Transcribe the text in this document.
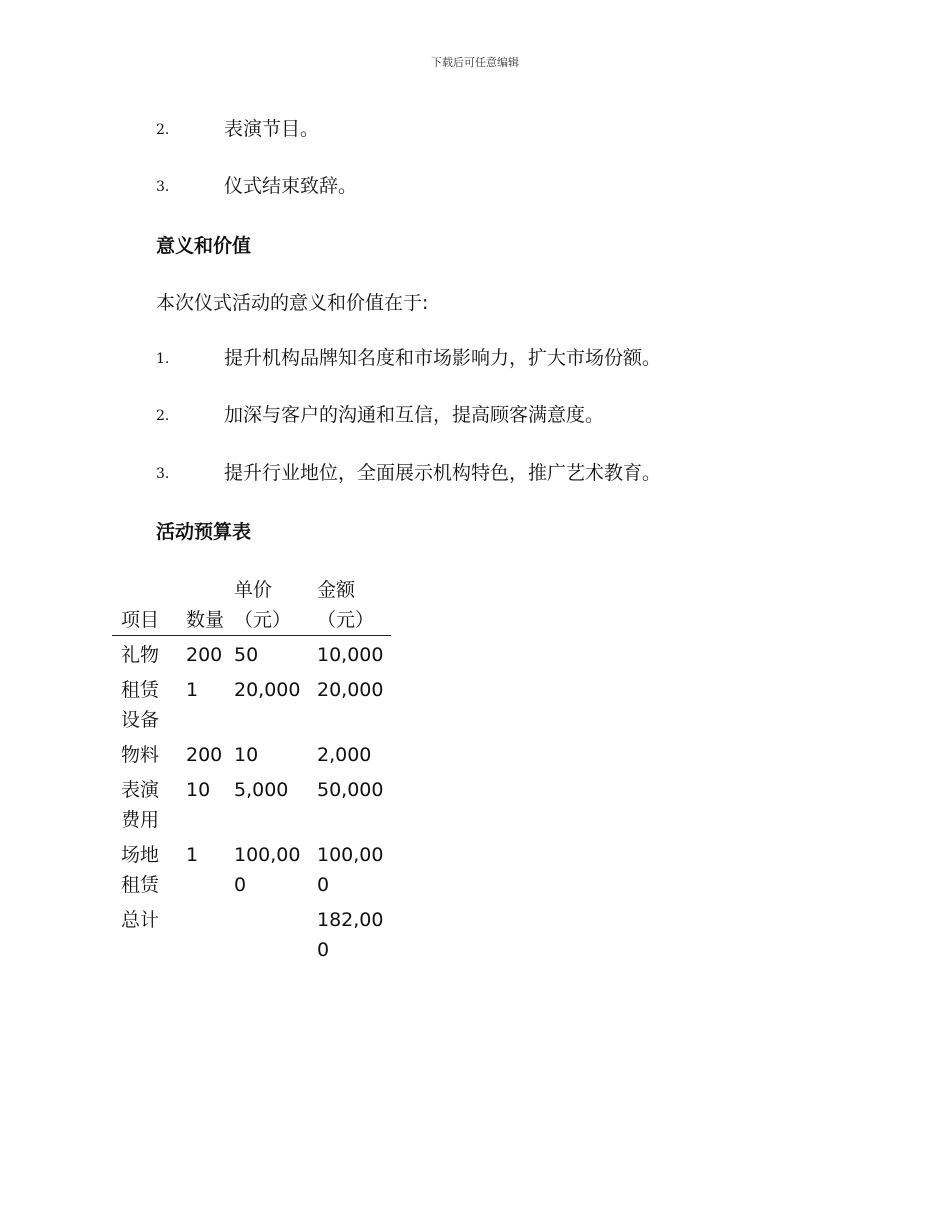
下载后可任意编辑
2.	表演节目。
3.	仪式结束致辞。
意义和价值
本次仪式活动的意义和价值在于:
1.	提升机构品牌知名度和市场影响力，扩大市场份额。
2.	加深与客户的沟通和互信，提高顾客满意度。
3.	提升行业地位，全面展示机构特色，推广艺术教育。
活动预算表
项目	数量	单价（元）	金额（元）
礼物	200	50	10,000
租赁设备	1	20,000	20,000
物料	200	10	2,000
表演费用	10	5,000	50,000
场地租赁	1	100,000	100,000
总计			182,000
